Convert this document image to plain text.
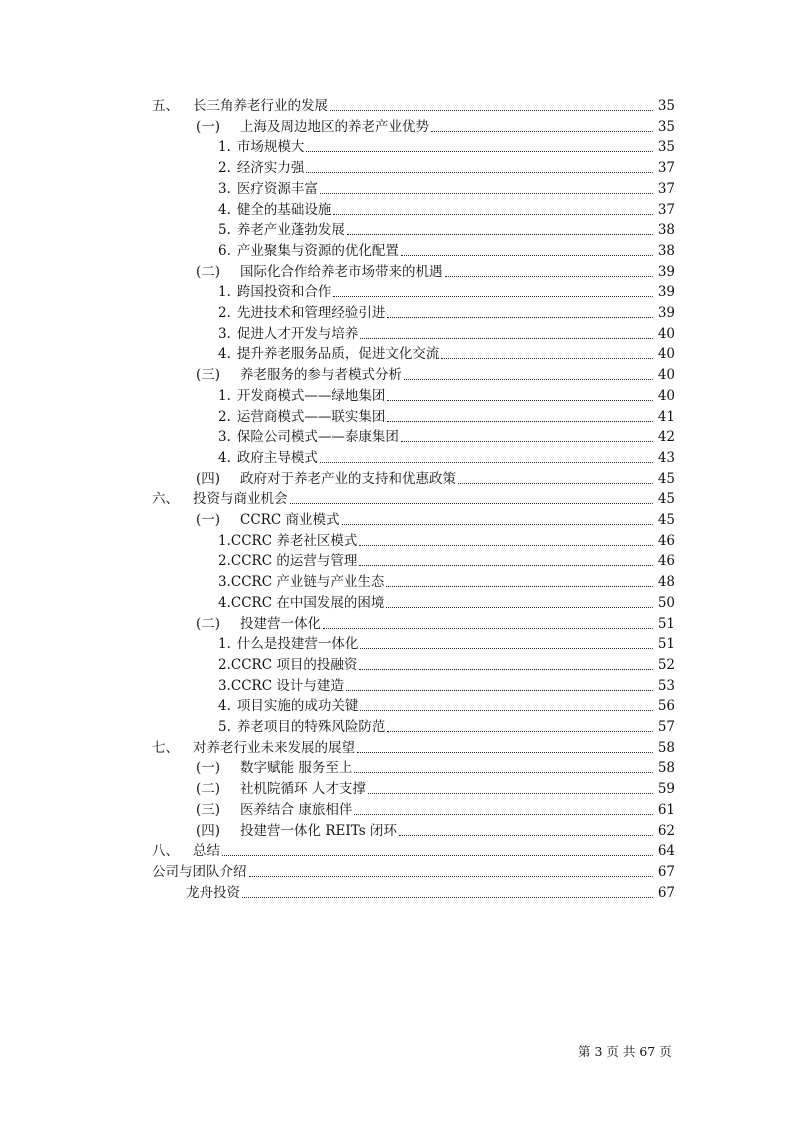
五、 长三角养老行业的发展	35
(一) 上海及周边地区的养老产业优势	35
1. 市场规模大	35
2. 经济实力强	37
3. 医疗资源丰富	37
4. 健全的基础设施	37
5. 养老产业蓬勃发展	38
6. 产业聚集与资源的优化配置	38
(二) 国际化合作给养老市场带来的机遇	39
1. 跨国投资和合作	39
2. 先进技术和管理经验引进	39
3. 促进人才开发与培养	40
4. 提升养老服务品质，促进文化交流	40
(三) 养老服务的参与者模式分析	40
1. 开发商模式——绿地集团	40
2. 运营商模式——联实集团	41
3. 保险公司模式——泰康集团	42
4. 政府主导模式	43
(四) 政府对于养老产业的支持和优惠政策	45
六、 投资与商业机会	45
(一) CCRC 商业模式	45
1.CCRC 养老社区模式	46
2.CCRC 的运营与管理	46
3.CCRC 产业链与产业生态	48
4.CCRC 在中国发展的困境	50
(二) 投建营一体化	51
1. 什么是投建营一体化	51
2.CCRC 项目的投融资	52
3.CCRC 设计与建造	53
4. 项目实施的成功关键	56
5. 养老项目的特殊风险防范	57
七、 对养老行业未来发展的展望	58
(一) 数字赋能 服务至上	58
(二) 社机院循环 人才支撑	59
(三) 医养结合 康旅相伴	61
(四) 投建营一体化 REITs 闭环	62
八、 总结	64
公司与团队介绍	67
龙舟投资	67
第 3 页 共 67 页
